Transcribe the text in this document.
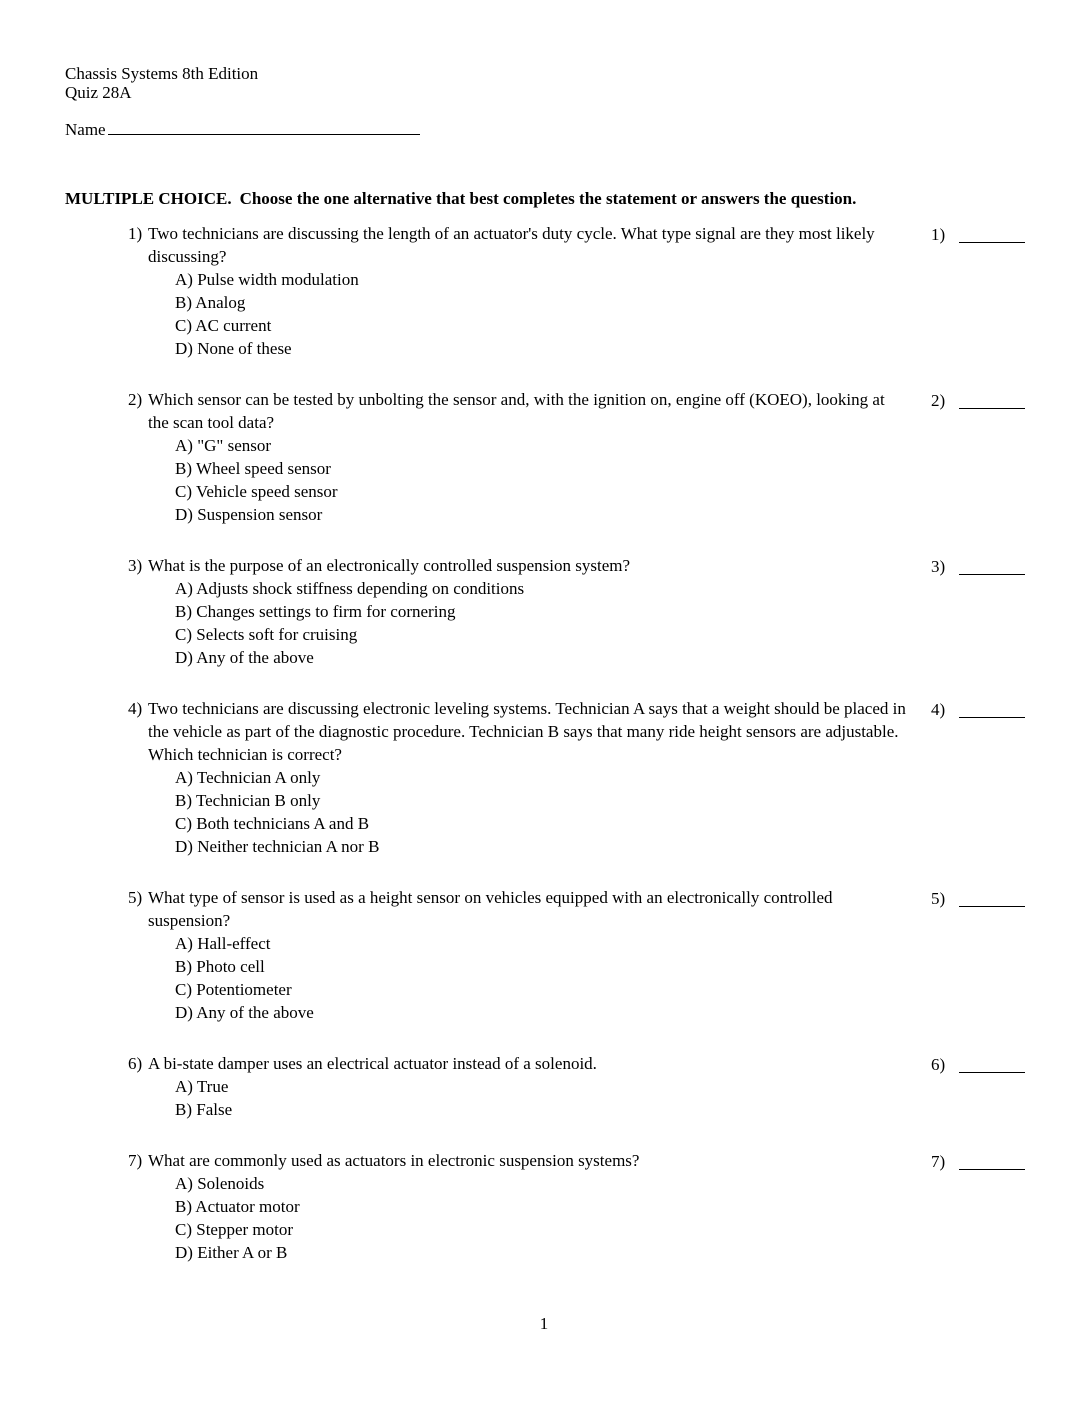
Chassis Systems 8th Edition
Quiz 28A
Name
MULTIPLE CHOICE. Choose the one alternative that best completes the statement or answers the question.
1) Two technicians are discussing the length of an actuator's duty cycle. What type signal are they most likely discussing?
A) Pulse width modulation
B) Analog
C) AC current
D) None of these
1)
2) Which sensor can be tested by unbolting the sensor and, with the ignition on, engine off (KOEO), looking at the scan tool data?
A) "G" sensor
B) Wheel speed sensor
C) Vehicle speed sensor
D) Suspension sensor
2)
3) What is the purpose of an electronically controlled suspension system?
A) Adjusts shock stiffness depending on conditions
B) Changes settings to firm for cornering
C) Selects soft for cruising
D) Any of the above
3)
4) Two technicians are discussing electronic leveling systems. Technician A says that a weight should be placed in the vehicle as part of the diagnostic procedure. Technician B says that many ride height sensors are adjustable. Which technician is correct?
A) Technician A only
B) Technician B only
C) Both technicians A and B
D) Neither technician A nor B
4)
5) What type of sensor is used as a height sensor on vehicles equipped with an electronically controlled suspension?
A) Hall-effect
B) Photo cell
C) Potentiometer
D) Any of the above
5)
6) A bi-state damper uses an electrical actuator instead of a solenoid.
A) True
B) False
6)
7) What are commonly used as actuators in electronic suspension systems?
A) Solenoids
B) Actuator motor
C) Stepper motor
D) Either A or B
7)
1
